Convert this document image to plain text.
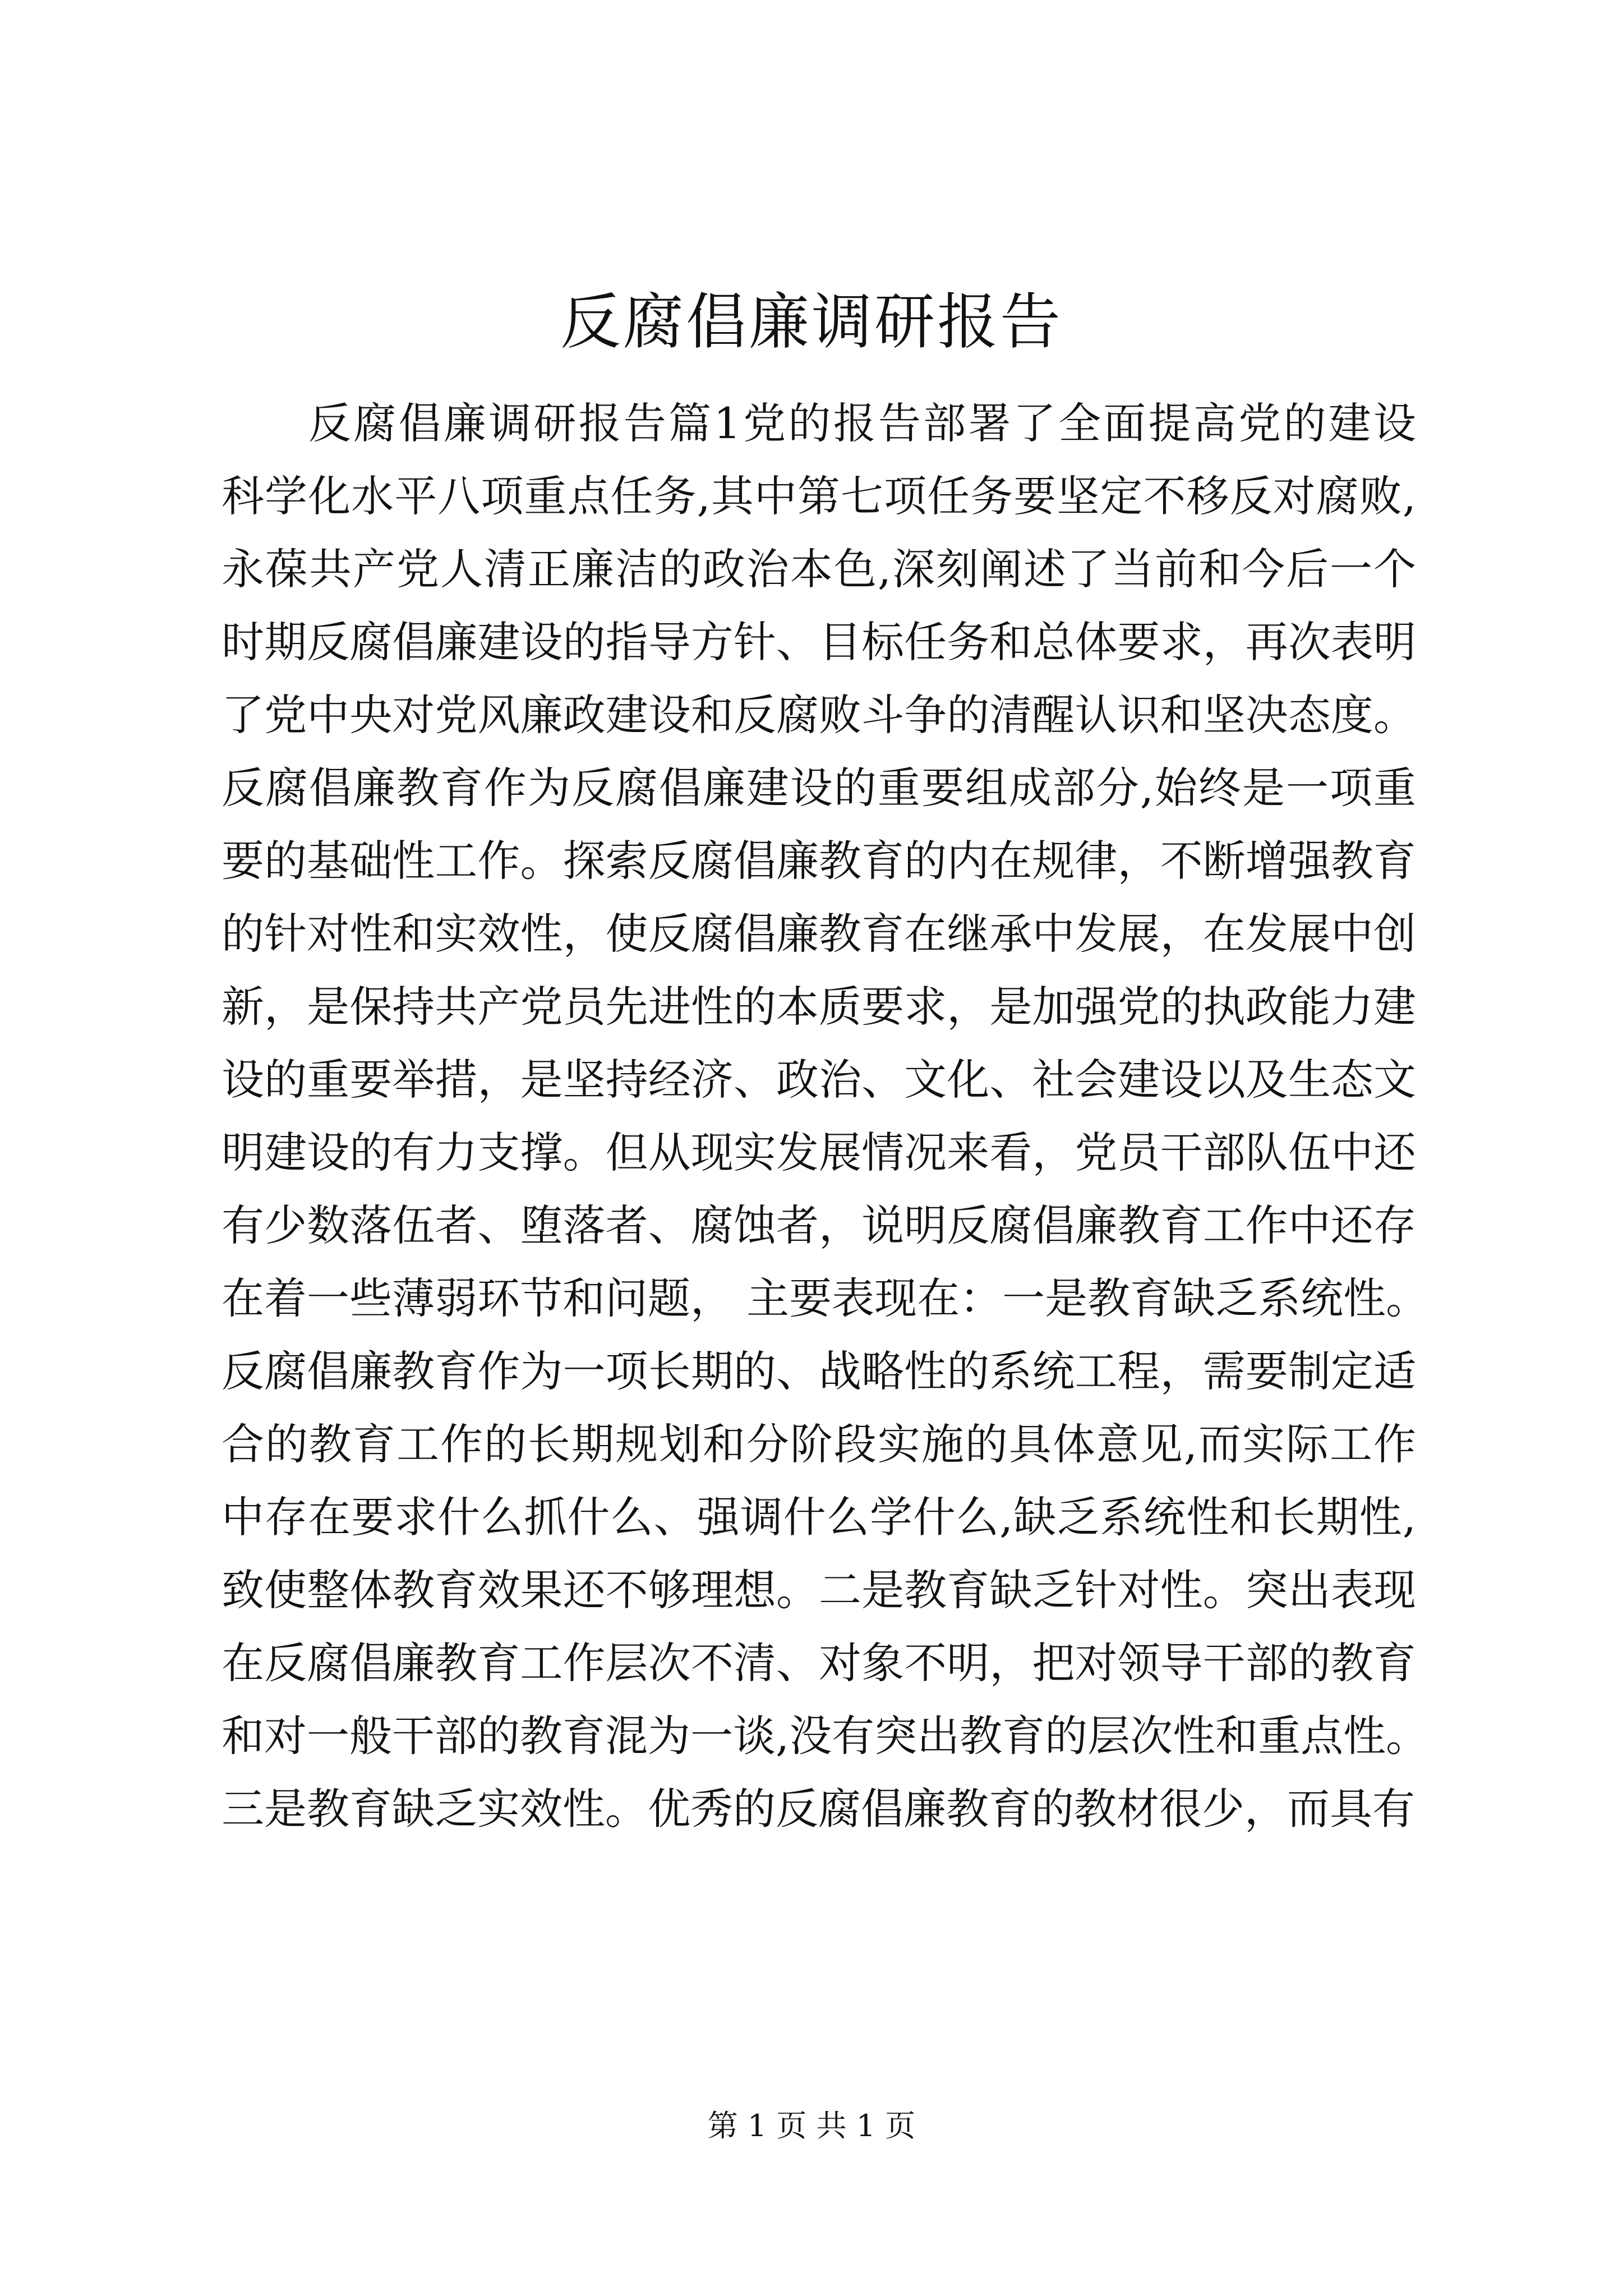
反腐倡廉调研报告
反腐倡廉调研报告篇1党的报告部署了全面提高党的建设
科学化水平八项重点任务,其中第七项任务要坚定不移反对腐败,
永葆共产党人清正廉洁的政治本色,深刻阐述了当前和今后一个
时期反腐倡廉建设的指导方针、目标任务和总体要求，再次表明
了党中央对党风廉政建设和反腐败斗争的清醒认识和坚决态度。
反腐倡廉教育作为反腐倡廉建设的重要组成部分,始终是一项重
要的基础性工作。探索反腐倡廉教育的内在规律，不断增强教育
的针对性和实效性，使反腐倡廉教育在继承中发展，在发展中创
新，是保持共产党员先进性的本质要求，是加强党的执政能力建
设的重要举措，是坚持经济、政治、文化、社会建设以及生态文
明建设的有力支撑。但从现实发展情况来看，党员干部队伍中还
有少数落伍者、堕落者、腐蚀者，说明反腐倡廉教育工作中还存
在着一些薄弱环节和问题， 主要表现在：一是教育缺乏系统性。
反腐倡廉教育作为一项长期的、战略性的系统工程，需要制定适
合的教育工作的长期规划和分阶段实施的具体意见,而实际工作
中存在要求什么抓什么、强调什么学什么,缺乏系统性和长期性,
致使整体教育效果还不够理想。二是教育缺乏针对性。突出表现
在反腐倡廉教育工作层次不清、对象不明，把对领导干部的教育
和对一般干部的教育混为一谈,没有突出教育的层次性和重点性。
三是教育缺乏实效性。优秀的反腐倡廉教育的教材很少，而具有
第 1 页 共 1 页
